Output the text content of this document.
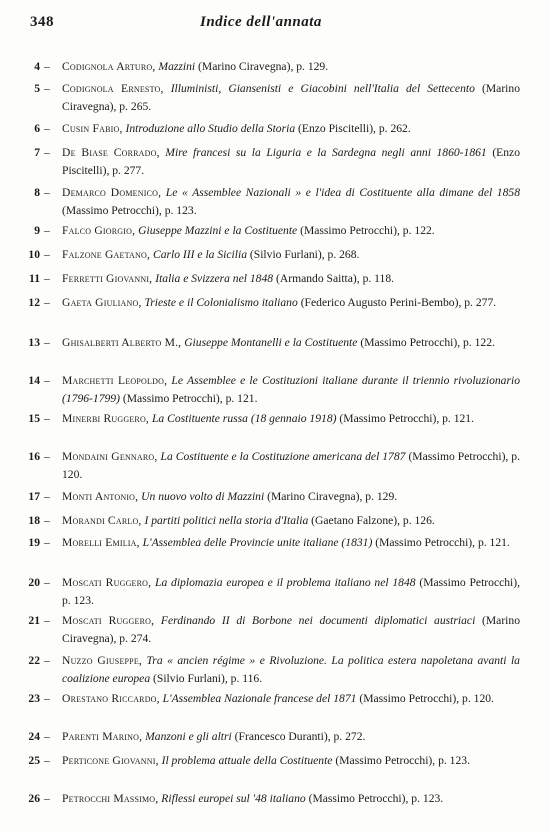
348	Indice dell'annata
4 –	Codignola Arturo, Mazzini (Marino Ciravegna), p. 129.
5 –	Codignola Ernesto, Illuministi, Giansenisti e Giacobini nell'Italia del Settecento (Marino Ciravegna), p. 265.
6 –	Cusin Fabio, Introduzione allo Studio della Storia (Enzo Piscitelli), p. 262.
7 –	De Biase Corrado, Mire francesi su la Liguria e la Sardegna negli anni 1860-1861 (Enzo Piscitelli), p. 277.
8 –	Demarco Domenico, Le « Assemblee Nazionali » e l'idea di Costituente alla dimane del 1858 (Massimo Petrocchi), p. 123.
9 –	Falco Giorgio, Giuseppe Mazzini e la Costituente (Massimo Petrocchi), p. 122.
10 –	Falzone Gaetano, Carlo III e la Sicilia (Silvio Furlani), p. 268.
11 –	Ferretti Giovanni, Italia e Svizzera nel 1848 (Armando Saitta), p. 118.
12 –	Gaeta Giuliano, Trieste e il Colonialismo italiano (Federico Augusto Perini-Bembo), p. 277.
13 –	Ghisalberti Alberto M., Giuseppe Montanelli e la Costituente (Massimo Petrocchi), p. 122.
14 –	Marchetti Leopoldo, Le Assemblee e le Costituzioni italiane durante il triennio rivoluzionario (1796-1799) (Massimo Petrocchi), p. 121.
15 –	Minerbi Ruggero, La Costituente russa (18 gennaio 1918) (Massimo Petrocchi), p. 121.
16 –	Mondaini Gennaro, La Costituente e la Costituzione americana del 1787 (Massimo Petrocchi), p. 120.
17 –	Monti Antonio, Un nuovo volto di Mazzini (Marino Ciravegna), p. 129.
18 –	Morandi Carlo, I partiti politici nella storia d'Italia (Gaetano Falzone), p. 126.
19 –	Morelli Emilia, L'Assemblea delle Provincie unite italiane (1831) (Massimo Petrocchi), p. 121.
20 –	Moscati Ruggero, La diplomazia europea e il problema italiano nel 1848 (Massimo Petrocchi), p. 123.
21 –	Moscati Ruggero, Ferdinando II di Borbone nei documenti diplomatici austriaci (Marino Ciravegna), p. 274.
22 –	Nuzzo Giuseppe, Tra « ancien régime » e Rivoluzione. La politica estera napoletana avanti la coalizione europea (Silvio Furlani), p. 116.
23 –	Orestano Riccardo, L'Assemblea Nazionale francese del 1871 (Massimo Petrocchi), p. 120.
24 –	Parenti Marino, Manzoni e gli altri (Francesco Duranti), p. 272.
25 –	Perticone Giovanni, Il problema attuale della Costituente (Massimo Petrocchi), p. 123.
26 –	Petrocchi Massimo, Riflessi europei sul '48 italiano (Massimo Petrocchi), p. 123.
